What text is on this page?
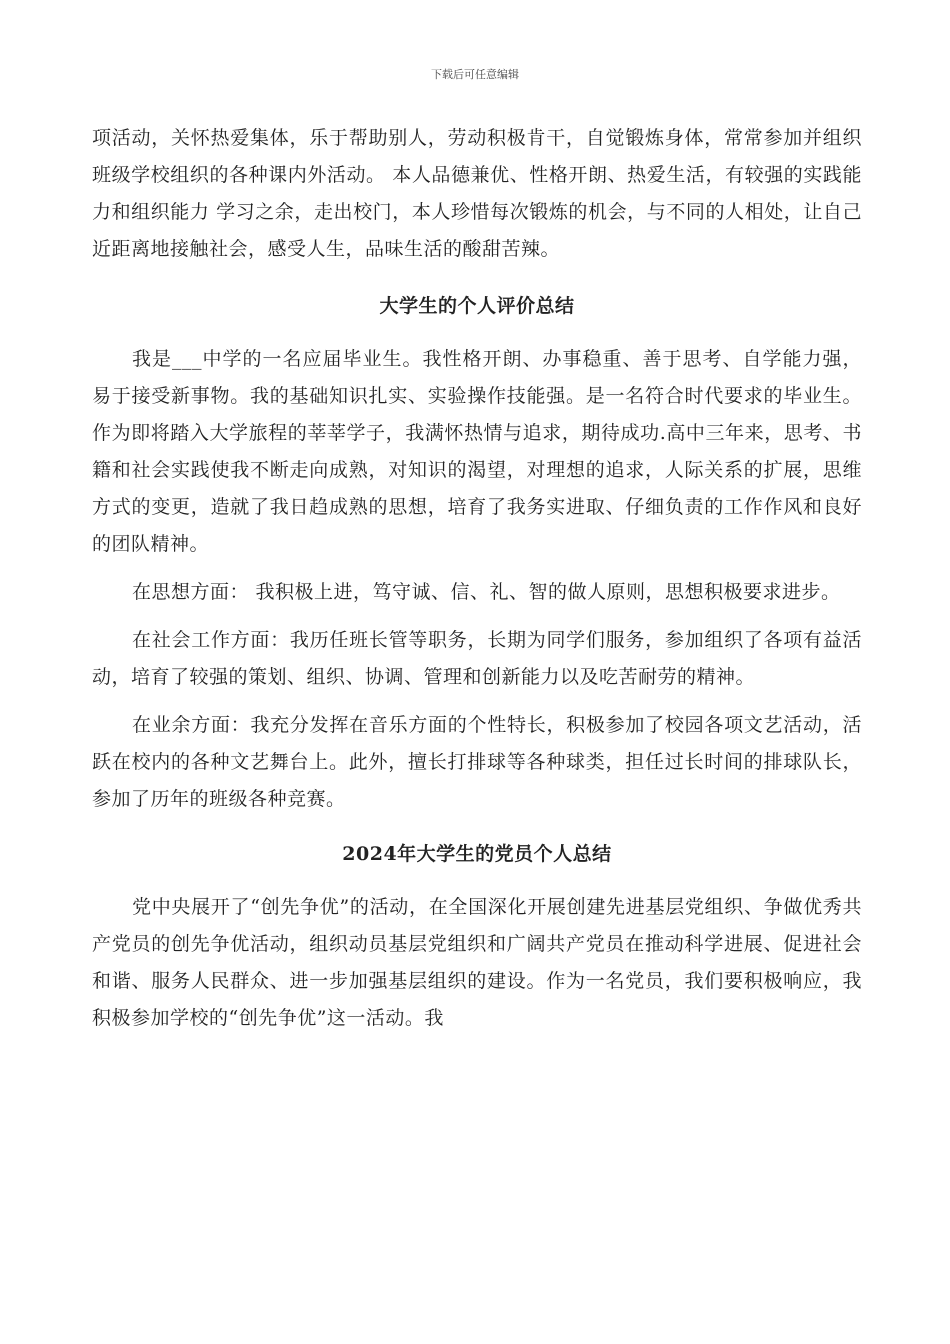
下载后可任意编辑

项活动，关怀热爱集体，乐于帮助别人，劳动积极肯干，自觉锻炼身体，常常参加并组织班级学校组织的各种课内外活动。 本人品德兼优、性格开朗、热爱生活，有较强的实践能力和组织能力 学习之余，走出校门，本人珍惜每次锻炼的机会，与不同的人相处，让自己近距离地接触社会，感受人生，品味生活的酸甜苦辣。

大学生的个人评价总结

我是___中学的一名应届毕业生。我性格开朗、办事稳重、善于思考、自学能力强，易于接受新事物。我的基础知识扎实、实验操作技能强。是一名符合时代要求的毕业生。 作为即将踏入大学旅程的莘莘学子，我满怀热情与追求，期待成功.高中三年来，思考、书籍和社会实践使我不断走向成熟，对知识的渴望，对理想的追求，人际关系的扩展，思维方式的变更，造就了我日趋成熟的思想，培育了我务实进取、仔细负责的工作作风和良好的团队精神。

在思想方面： 我积极上进，笃守诚、信、礼、智的做人原则，思想积极要求进步。

在社会工作方面：我历任班长管等职务，长期为同学们服务，参加组织了各项有益活动，培育了较强的策划、组织、协调、管理和创新能力以及吃苦耐劳的精神。

在业余方面：我充分发挥在音乐方面的个性特长，积极参加了校园各项文艺活动，活跃在校内的各种文艺舞台上。此外，擅长打排球等各种球类，担任过长时间的排球队长，参加了历年的班级各种竞赛。

2024年大学生的党员个人总结

党中央展开了“创先争优”的活动，在全国深化开展创建先进基层党组织、争做优秀共产党员的创先争优活动，组织动员基层党组织和广阔共产党员在推动科学进展、促进社会和谐、服务人民群众、进一步加强基层组织的建设。作为一名党员，我们要积极响应，我积极参加学校的“创先争优”这一活动。我
